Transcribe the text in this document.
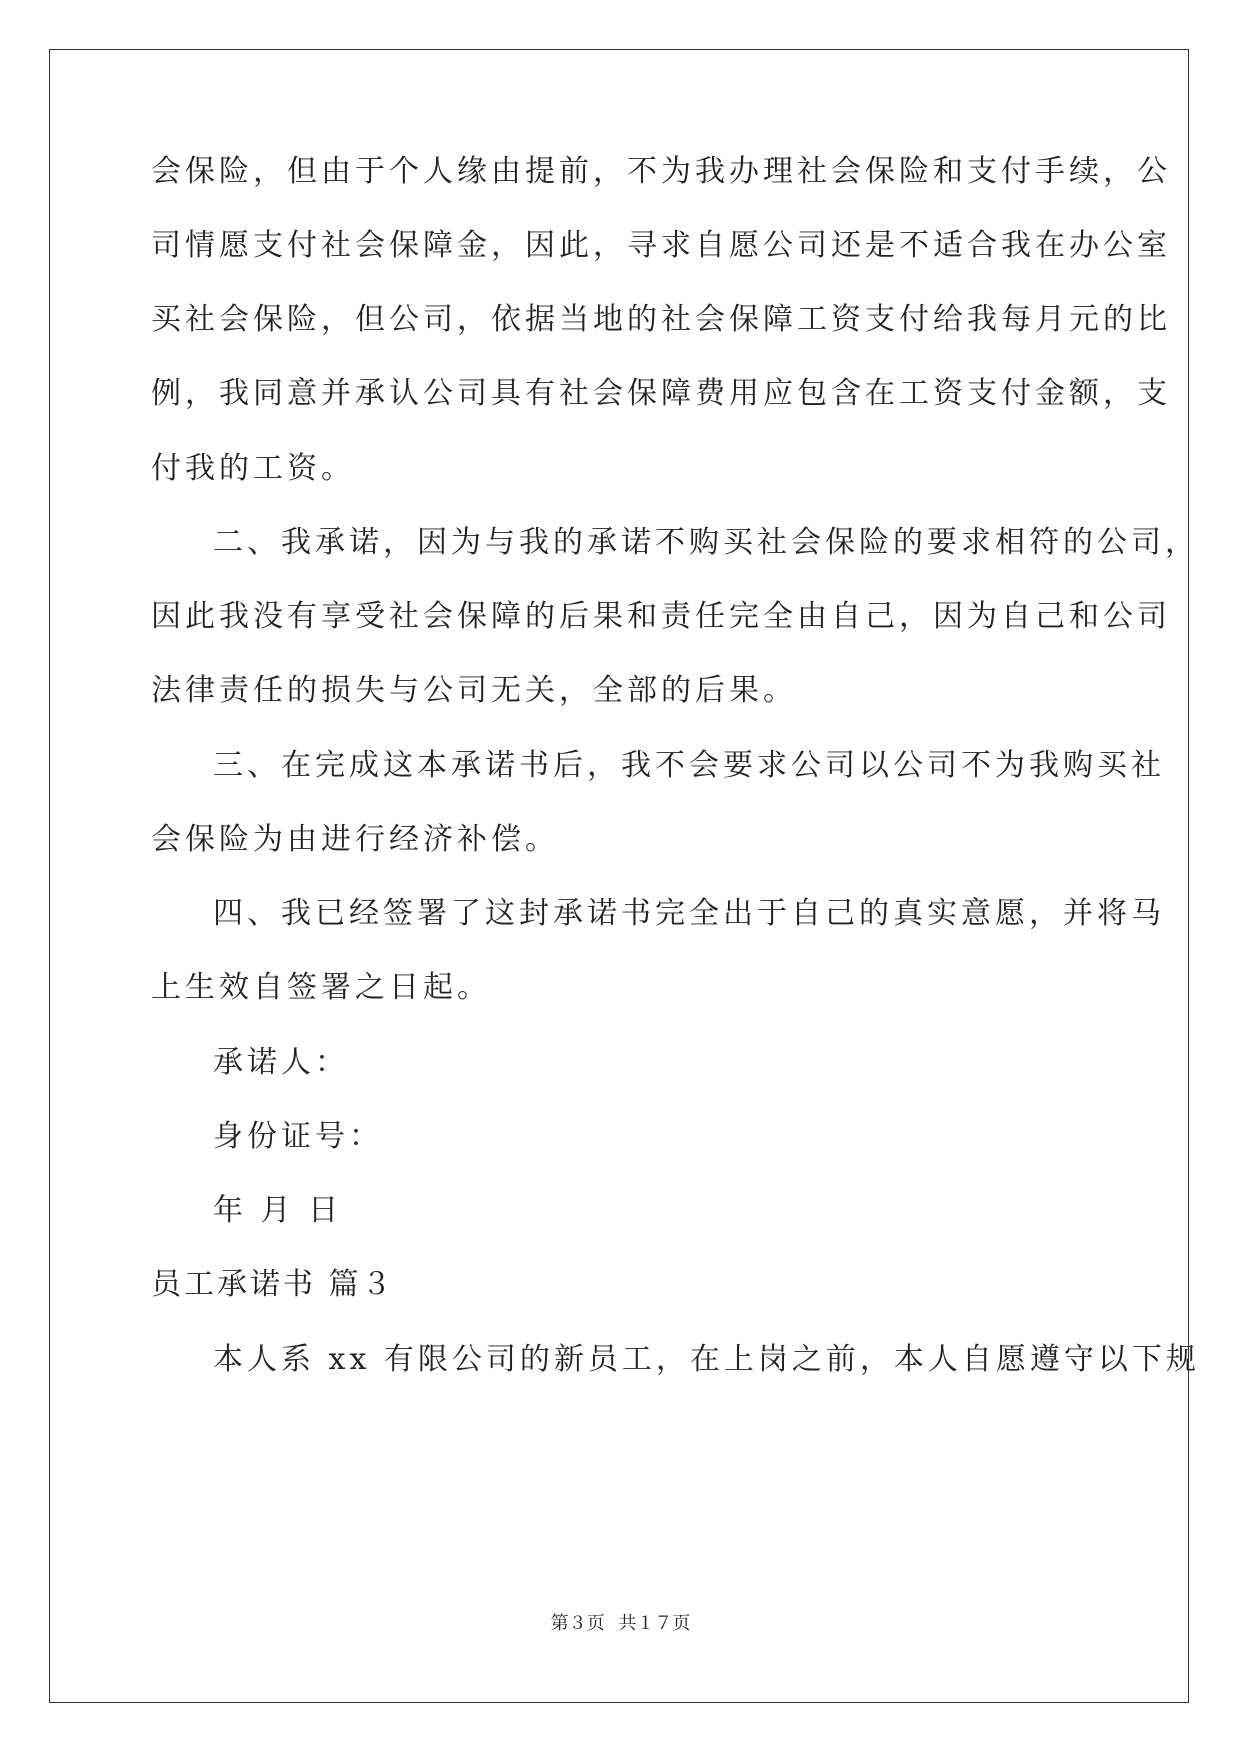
会保险，但由于个人缘由提前，不为我办理社会保险和支付手续，公
司情愿支付社会保障金，因此，寻求自愿公司还是不适合我在办公室
买社会保险，但公司，依据当地的社会保障工资支付给我每月元的比
例，我同意并承认公司具有社会保障费用应包含在工资支付金额，支
付我的工资。
二、我承诺，因为与我的承诺不购买社会保险的要求相符的公司，
因此我没有享受社会保障的后果和责任完全由自己，因为自己和公司
法律责任的损失与公司无关，全部的后果。
三、在完成这本承诺书后，我不会要求公司以公司不为我购买社
会保险为由进行经济补偿。
四、我已经签署了这封承诺书完全出于自己的真实意愿，并将马
上生效自签署之日起。
承诺人：
身份证号：
年 月 日
员工承诺书 篇３
本人系 xx 有限公司的新员工，在上岗之前，本人自愿遵守以下规
第３页 共１７页
